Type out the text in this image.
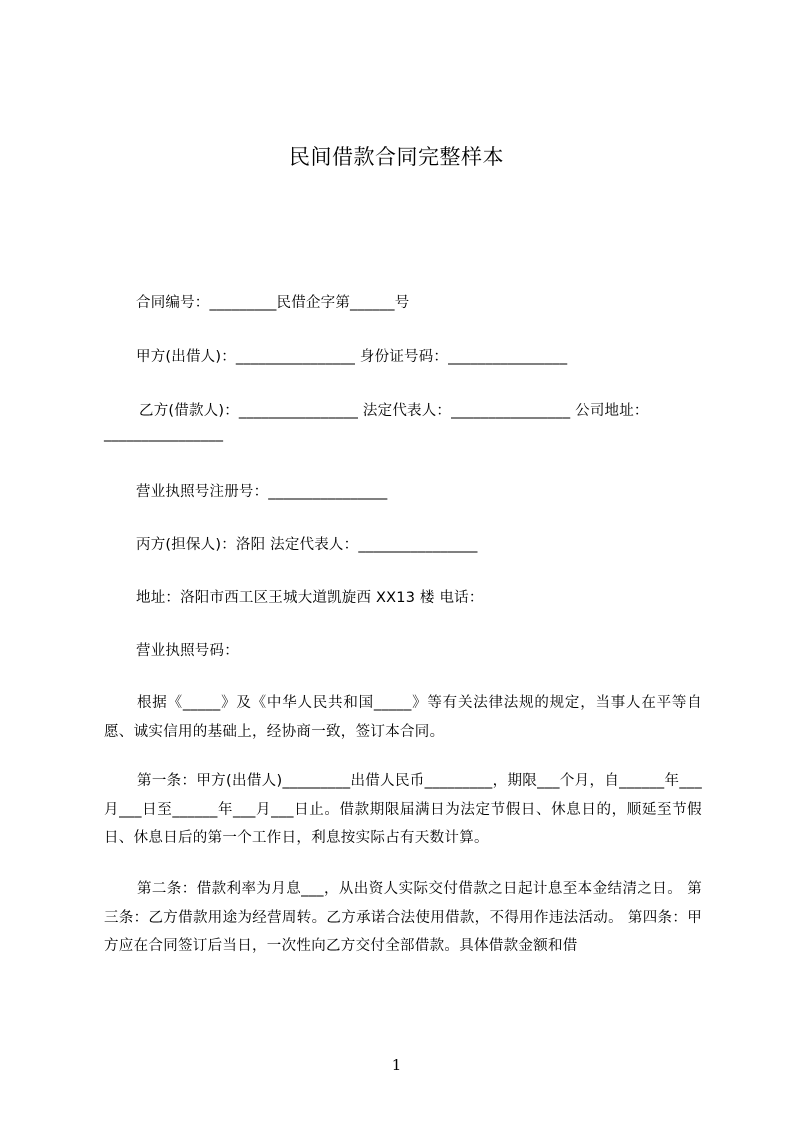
民间借款合同完整样本
合同编号：_________民借企字第______号
甲方(出借人)：________________ 身份证号码：________________
乙方(借款人)：________________ 法定代表人：________________ 公司地址：
________________
营业执照号注册号：________________
丙方(担保人)：洛阳 法定代表人：________________
地址：洛阳市西工区王城大道凯旋西 XX13 楼 电话：
营业执照号码：
根据《_____》及《中华人民共和国_____》等有关法律法规的规定，当事人在平等自愿、诚实信用的基础上，经协商一致，签订本合同。
第一条：甲方(出借人)_________出借人民币_________，期限___个月，自______年___月___日至______年___月___日止。借款期限届满日为法定节假日、休息日的，顺延至节假日、休息日后的第一个工作日，利息按实际占有天数计算。
第二条：借款利率为月息___，从出资人实际交付借款之日起计息至本金结清之日。 第三条：乙方借款用途为经营周转。乙方承诺合法使用借款，不得用作违法活动。 第四条：甲方应在合同签订后当日，一次性向乙方交付全部借款。具体借款金额和借
1
